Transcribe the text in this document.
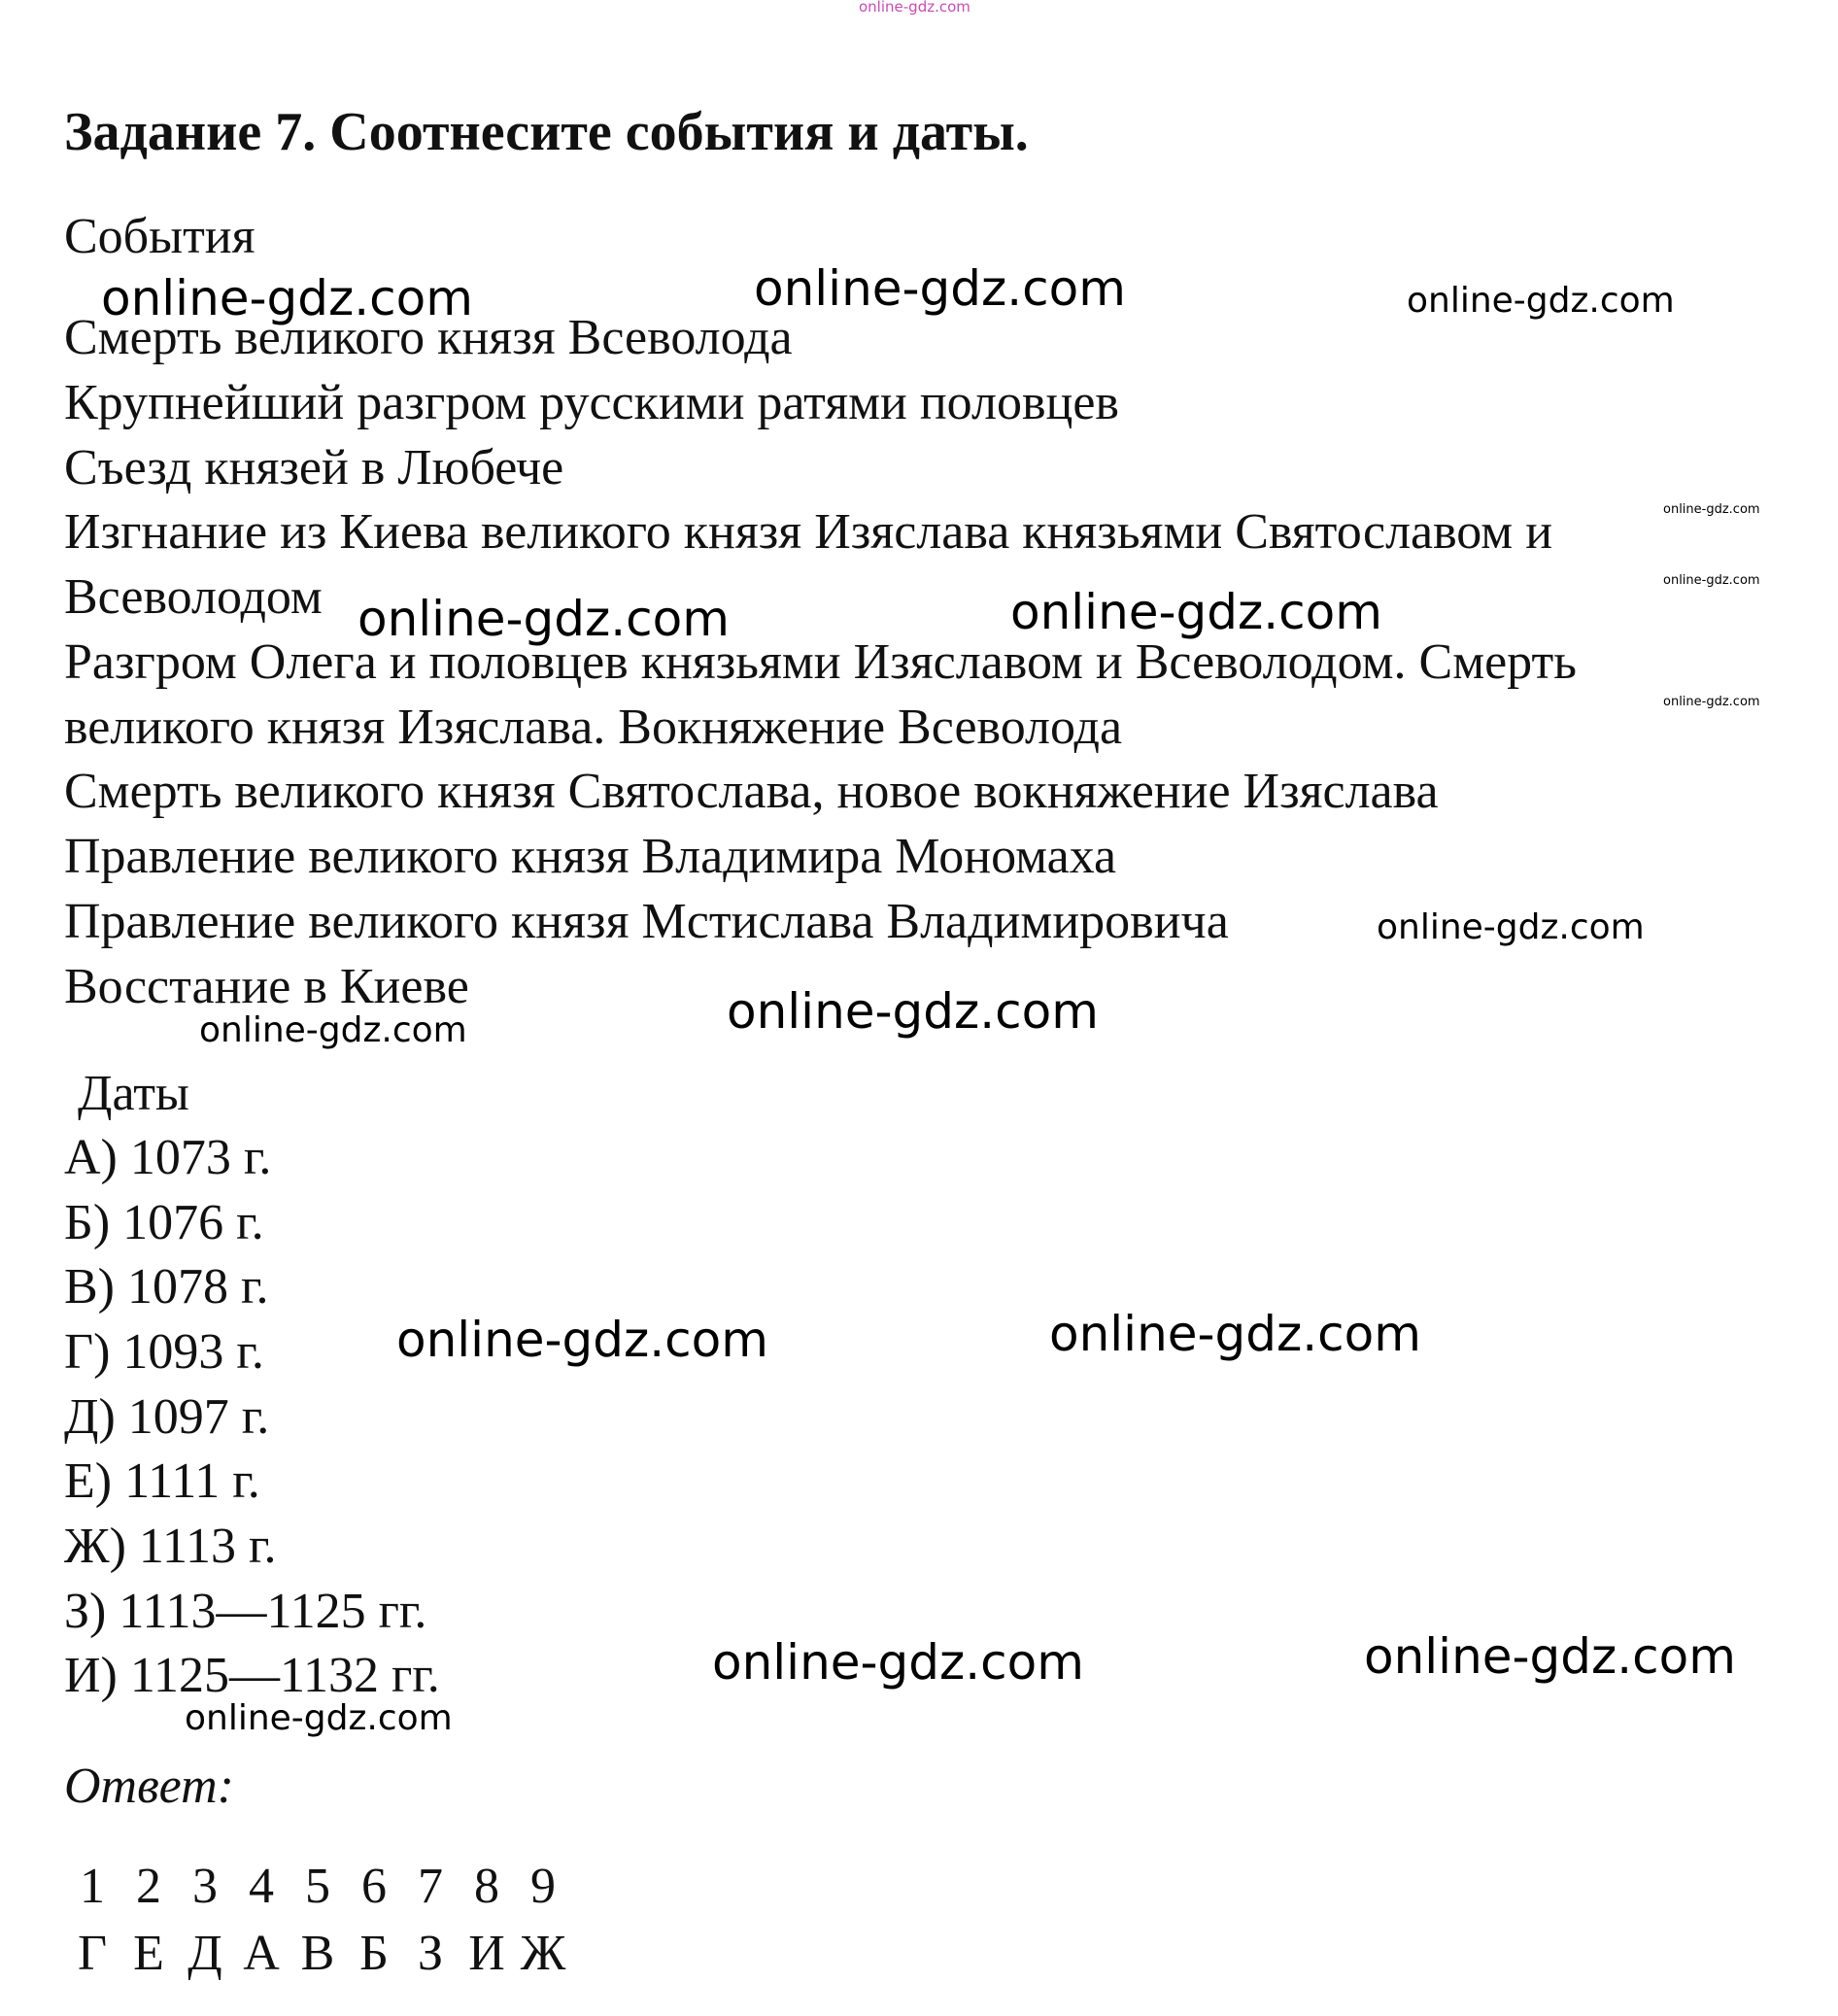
online-gdz.com
Задание 7. Соотнесите события и даты.
События
Смерть великого князя Всеволода
Крупнейший разгром русскими ратями половцев
Съезд князей в Любече
Изгнание из Киева великого князя Изяслава князьями Святославом и
Всеволодом
Разгром Олега и половцев князьями Изяславом и Всеволодом. Смерть
великого князя Изяслава. Вокняжение Всеволода
Смерть великого князя Святослава, новое вокняжение Изяслава
Правление великого князя Владимира Мономаха
Правление великого князя Мстислава Владимировича
Восстание в Киеве
Даты
А) 1073 г.
Б) 1076 г.
В) 1078 г.
Г) 1093 г.
Д) 1097 г.
Е) 1111 г.
Ж) 1113 г.
З) 1113—1125 гг.
И) 1125—1132 гг.
Ответ:
1 2 3 4 5 6 7 8 9
Г Е Д А В Б З И Ж
online-gdz.com	online-gdz.com	online-gdz.com
online-gdz.com
online-gdz.com
online-gdz.com
online-gdz.com	online-gdz.com
online-gdz.com
online-gdz.com	online-gdz.com
online-gdz.com	online-gdz.com
online-gdz.com	online-gdz.com
online-gdz.com
